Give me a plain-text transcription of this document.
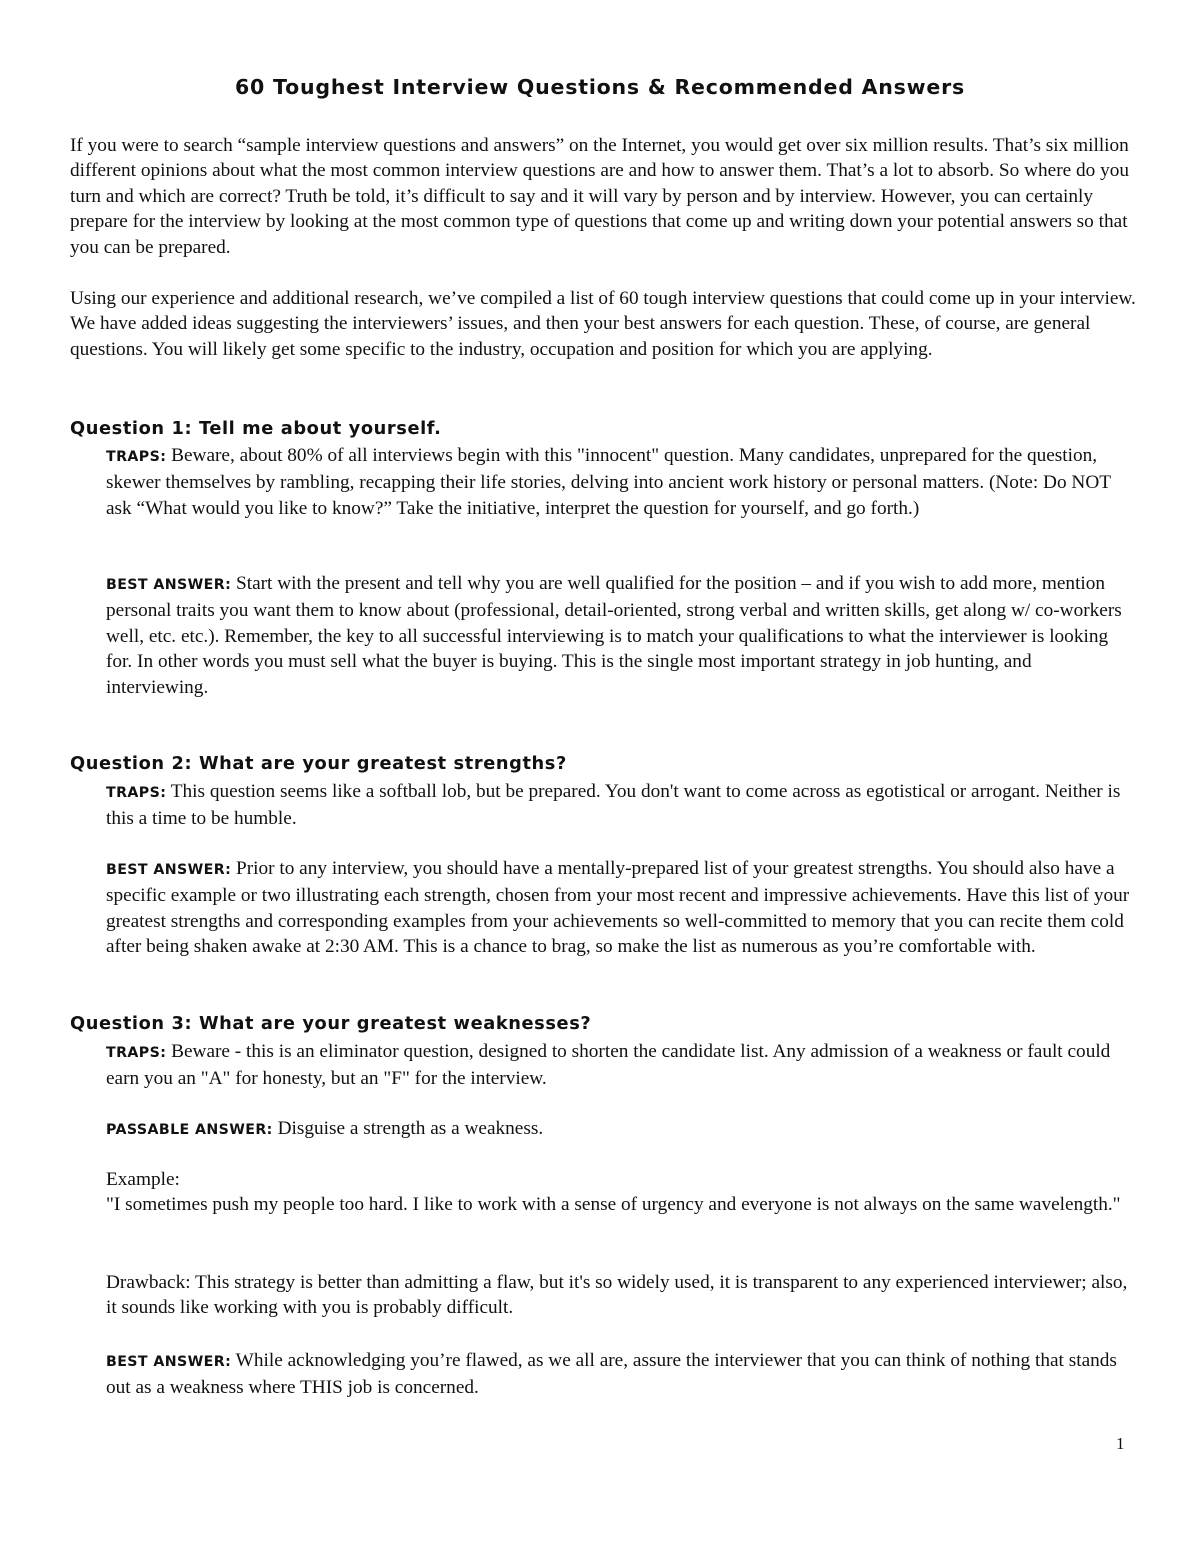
60 Toughest Interview Questions & Recommended Answers

If you were to search “sample interview questions and answers” on the Internet, you would get over six million results. That’s six million different opinions about what the most common interview questions are and how to answer them. That’s a lot to absorb. So where do you turn and which are correct? Truth be told, it’s difficult to say and it will vary by person and by interview. However, you can certainly prepare for the interview by looking at the most common type of questions that come up and writing down your potential answers so that you can be prepared.

Using our experience and additional research, we’ve compiled a list of 60 tough interview questions that could come up in your interview. We have added ideas suggesting the interviewers’ issues, and then your best answers for each question. These, of course, are general questions. You will likely get some specific to the industry, occupation and position for which you are applying.

Question 1: Tell me about yourself.

TRAPS: Beware, about 80% of all interviews begin with this "innocent" question. Many candidates, unprepared for the question, skewer themselves by rambling, recapping their life stories, delving into ancient work history or personal matters. (Note: Do NOT ask “What would you like to know?” Take the initiative, interpret the question for yourself, and go forth.)

BEST ANSWER: Start with the present and tell why you are well qualified for the position – and if you wish to add more, mention personal traits you want them to know about (professional, detail-oriented, strong verbal and written skills, get along w/ co-workers well, etc. etc.). Remember, the key to all successful interviewing is to match your qualifications to what the interviewer is looking for. In other words you must sell what the buyer is buying. This is the single most important strategy in job hunting, and interviewing.

Question 2: What are your greatest strengths?

TRAPS: This question seems like a softball lob, but be prepared. You don't want to come across as egotistical or arrogant. Neither is this a time to be humble.

BEST ANSWER: Prior to any interview, you should have a mentally-prepared list of your greatest strengths. You should also have a specific example or two illustrating each strength, chosen from your most recent and impressive achievements. Have this list of your greatest strengths and corresponding examples from your achievements so well-committed to memory that you can recite them cold after being shaken awake at 2:30 AM. This is a chance to brag, so make the list as numerous as you’re comfortable with.

Question 3: What are your greatest weaknesses?

TRAPS: Beware - this is an eliminator question, designed to shorten the candidate list. Any admission of a weakness or fault could earn you an "A" for honesty, but an "F" for the interview.

PASSABLE ANSWER: Disguise a strength as a weakness.

Example:
"I sometimes push my people too hard. I like to work with a sense of urgency and everyone is not always on the same wavelength."

Drawback: This strategy is better than admitting a flaw, but it's so widely used, it is transparent to any experienced interviewer; also, it sounds like working with you is probably difficult.

BEST ANSWER: While acknowledging you’re flawed, as we all are, assure the interviewer that you can think of nothing that stands out as a weakness where THIS job is concerned.

1
